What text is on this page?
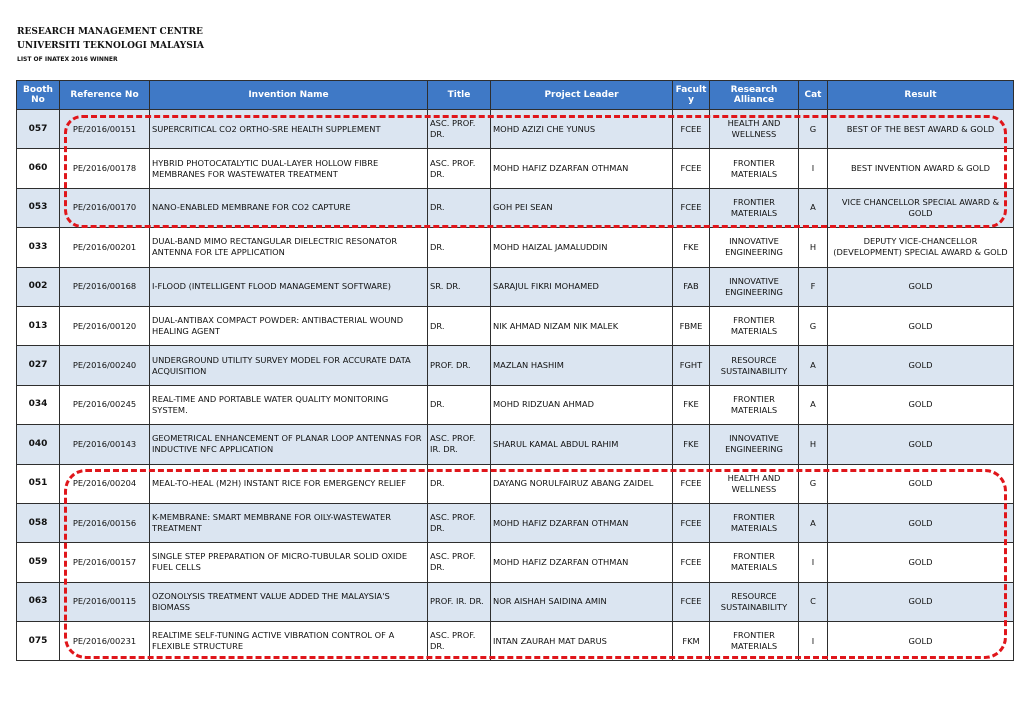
RESEARCH MANAGEMENT CENTRE
UNIVERSITI TEKNOLOGI MALAYSIA
LIST OF INATEX 2016 WINNER
Booth No	Reference No	Invention Name	Title	Project Leader	Facult y	Research Alliance	Cat	Result
057	PE/2016/00151	SUPERCRITICAL CO2 ORTHO-SRE HEALTH SUPPLEMENT	ASC. PROF. DR.	MOHD AZIZI CHE YUNUS	FCEE	HEALTH AND WELLNESS	G	BEST OF THE BEST AWARD & GOLD
060	PE/2016/00178	HYBRID PHOTOCATALYTIC DUAL-LAYER HOLLOW FIBRE MEMBRANES FOR WASTEWATER TREATMENT	ASC. PROF. DR.	MOHD HAFIZ DZARFAN OTHMAN	FCEE	FRONTIER MATERIALS	I	BEST INVENTION AWARD & GOLD
053	PE/2016/00170	NANO-ENABLED MEMBRANE FOR CO2 CAPTURE	DR.	GOH PEI SEAN	FCEE	FRONTIER MATERIALS	A	VICE CHANCELLOR SPECIAL AWARD & GOLD
033	PE/2016/00201	DUAL-BAND MIMO RECTANGULAR DIELECTRIC RESONATOR ANTENNA FOR LTE APPLICATION	DR.	MOHD HAIZAL JAMALUDDIN	FKE	INNOVATIVE ENGINEERING	H	DEPUTY VICE-CHANCELLOR (DEVELOPMENT) SPECIAL AWARD & GOLD
002	PE/2016/00168	I-FLOOD (INTELLIGENT FLOOD MANAGEMENT SOFTWARE)	SR. DR.	SARAJUL FIKRI MOHAMED	FAB	INNOVATIVE ENGINEERING	F	GOLD
013	PE/2016/00120	DUAL-ANTIBAX COMPACT POWDER: ANTIBACTERIAL WOUND HEALING AGENT	DR.	NIK AHMAD NIZAM NIK MALEK	FBME	FRONTIER MATERIALS	G	GOLD
027	PE/2016/00240	UNDERGROUND UTILITY SURVEY MODEL FOR ACCURATE DATA ACQUISITION	PROF. DR.	MAZLAN HASHIM	FGHT	RESOURCE SUSTAINABILITY	A	GOLD
034	PE/2016/00245	REAL-TIME AND PORTABLE WATER QUALITY MONITORING SYSTEM.	DR.	MOHD RIDZUAN AHMAD	FKE	FRONTIER MATERIALS	A	GOLD
040	PE/2016/00143	GEOMETRICAL ENHANCEMENT OF PLANAR LOOP ANTENNAS FOR INDUCTIVE NFC APPLICATION	ASC. PROF. IR. DR.	SHARUL KAMAL ABDUL RAHIM	FKE	INNOVATIVE ENGINEERING	H	GOLD
051	PE/2016/00204	MEAL-TO-HEAL (M2H) INSTANT RICE FOR EMERGENCY RELIEF	DR.	DAYANG NORULFAIRUZ ABANG ZAIDEL	FCEE	HEALTH AND WELLNESS	G	GOLD
058	PE/2016/00156	K-MEMBRANE: SMART MEMBRANE FOR OILY-WASTEWATER TREATMENT	ASC. PROF. DR.	MOHD HAFIZ DZARFAN OTHMAN	FCEE	FRONTIER MATERIALS	A	GOLD
059	PE/2016/00157	SINGLE STEP PREPARATION OF MICRO-TUBULAR SOLID OXIDE FUEL CELLS	ASC. PROF. DR.	MOHD HAFIZ DZARFAN OTHMAN	FCEE	FRONTIER MATERIALS	I	GOLD
063	PE/2016/00115	OZONOLYSIS TREATMENT VALUE ADDED THE MALAYSIA'S BIOMASS	PROF. IR. DR.	NOR AISHAH SAIDINA AMIN	FCEE	RESOURCE SUSTAINABILITY	C	GOLD
075	PE/2016/00231	REALTIME SELF-TUNING ACTIVE VIBRATION CONTROL OF A FLEXIBLE STRUCTURE	ASC. PROF. DR.	INTAN ZAURAH MAT DARUS	FKM	FRONTIER MATERIALS	I	GOLD
